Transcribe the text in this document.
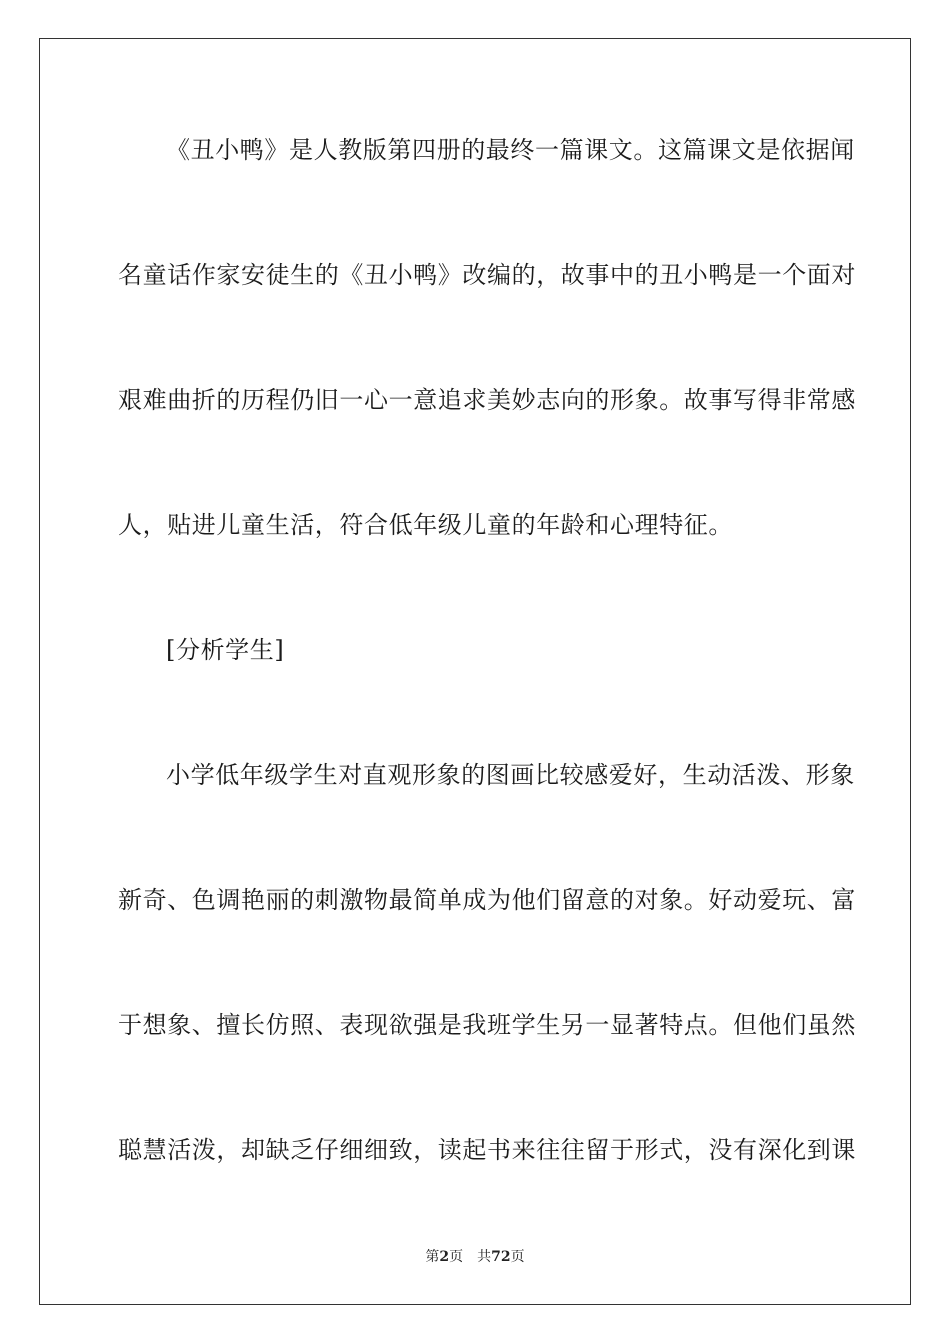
《丑小鸭》是人教版第四册的最终一篇课文。这篇课文是依据闻
名童话作家安徒生的《丑小鸭》改编的，故事中的丑小鸭是一个面对
艰难曲折的历程仍旧一心一意追求美妙志向的形象。故事写得非常感
人，贴进儿童生活，符合低年级儿童的年龄和心理特征。
[分析学生]
小学低年级学生对直观形象的图画比较感爱好，生动活泼、形象
新奇、色调艳丽的刺激物最简单成为他们留意的对象。好动爱玩、富
于想象、擅长仿照、表现欲强是我班学生另一显著特点。但他们虽然
聪慧活泼，却缺乏仔细细致，读起书来往往留于形式，没有深化到课
第2页 共72页
